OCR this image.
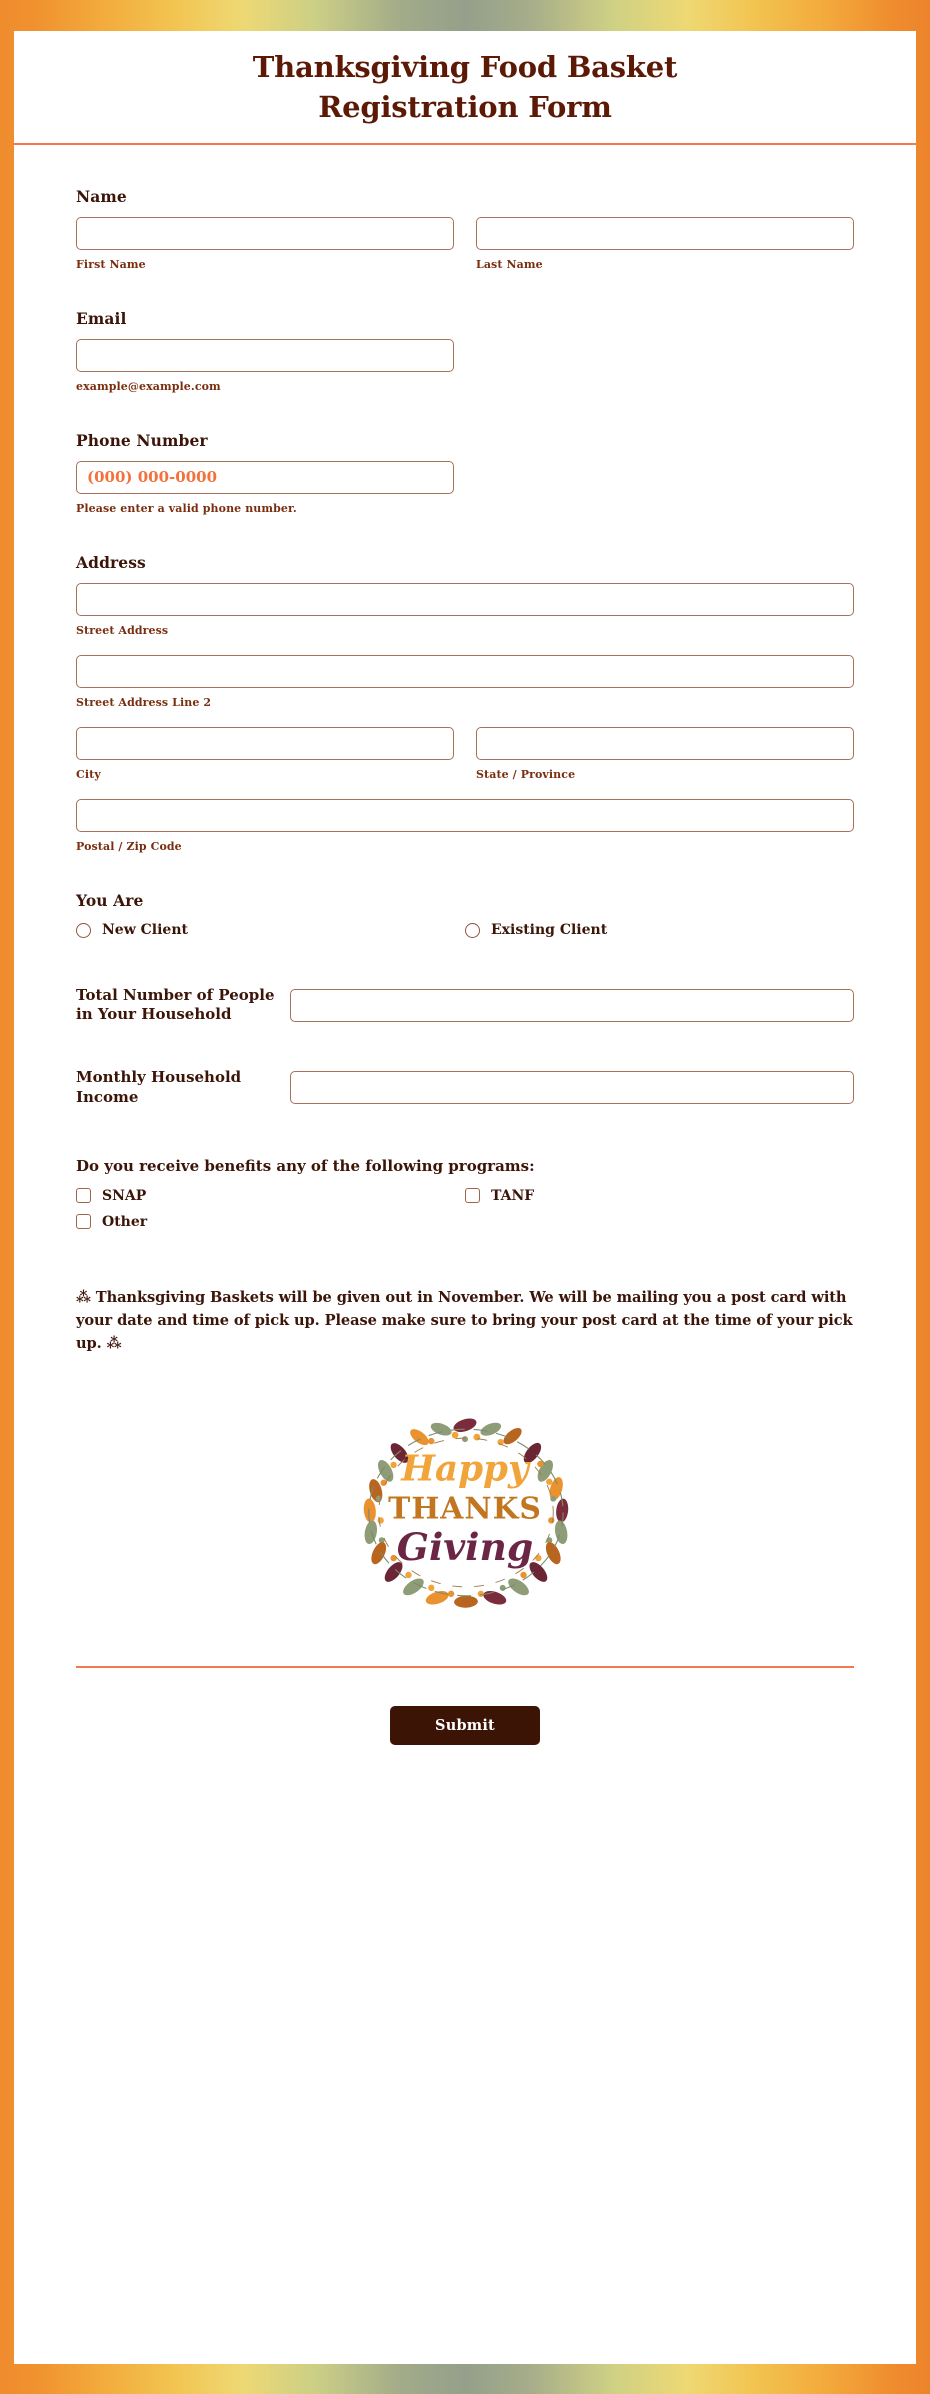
Thanksgiving Food Basket
Registration Form
Name
First Name	Last Name
Email
example@example.com
Phone Number
(000) 000-0000
Please enter a valid phone number.
Address
Street Address
Street Address Line 2
City	State / Province
Postal / Zip Code
You Are
New Client	Existing Client
Total Number of People in Your Household
Monthly Household Income
Do you receive benefits any of the following programs:
SNAP	TANF
Other
⁂ Thanksgiving Baskets will be given out in November. We will be mailing you a post card with your date and time of pick up. Please make sure to bring your post card at the time of your pick up. ⁂
Happy
THANKS
Giving
Submit
